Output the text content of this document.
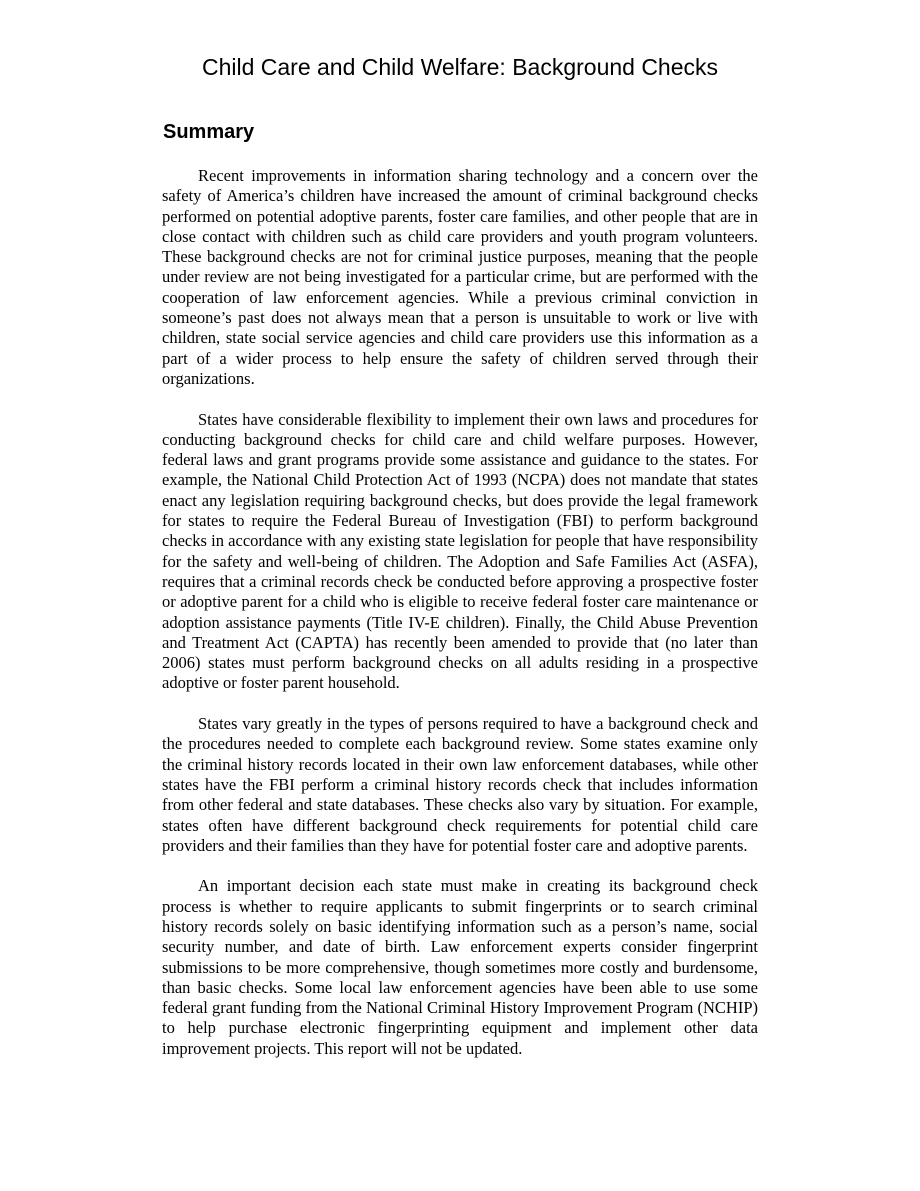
Child Care and Child Welfare: Background Checks
Summary

Recent improvements in information sharing technology and a concern over the safety of America’s children have increased the amount of criminal background checks performed on potential adoptive parents, foster care families, and other people that are in close contact with children such as child care providers and youth program volunteers. These background checks are not for criminal justice purposes, meaning that the people under review are not being investigated for a particular crime, but are performed with the cooperation of law enforcement agencies. While a previous criminal conviction in someone’s past does not always mean that a person is unsuitable to work or live with children, state social service agencies and child care providers use this information as a part of a wider process to help ensure the safety of children served through their organizations.

States have considerable flexibility to implement their own laws and procedures for conducting background checks for child care and child welfare purposes. However, federal laws and grant programs provide some assistance and guidance to the states. For example, the National Child Protection Act of 1993 (NCPA) does not mandate that states enact any legislation requiring background checks, but does provide the legal framework for states to require the Federal Bureau of Investigation (FBI) to perform background checks in accordance with any existing state legislation for people that have responsibility for the safety and well-being of children. The Adoption and Safe Families Act (ASFA), requires that a criminal records check be conducted before approving a prospective foster or adoptive parent for a child who is eligible to receive federal foster care maintenance or adoption assistance payments (Title IV-E children). Finally, the Child Abuse Prevention and Treatment Act (CAPTA) has recently been amended to provide that (no later than 2006) states must perform background checks on all adults residing in a prospective adoptive or foster parent household.

States vary greatly in the types of persons required to have a background check and the procedures needed to complete each background review. Some states examine only the criminal history records located in their own law enforcement databases, while other states have the FBI perform a criminal history records check that includes information from other federal and state databases. These checks also vary by situation. For example, states often have different background check requirements for potential child care providers and their families than they have for potential foster care and adoptive parents.

An important decision each state must make in creating its background check process is whether to require applicants to submit fingerprints or to search criminal history records solely on basic identifying information such as a person’s name, social security number, and date of birth. Law enforcement experts consider fingerprint submissions to be more comprehensive, though sometimes more costly and burdensome, than basic checks. Some local law enforcement agencies have been able to use some federal grant funding from the National Criminal History Improvement Program (NCHIP) to help purchase electronic fingerprinting equipment and implement other data improvement projects. This report will not be updated.
